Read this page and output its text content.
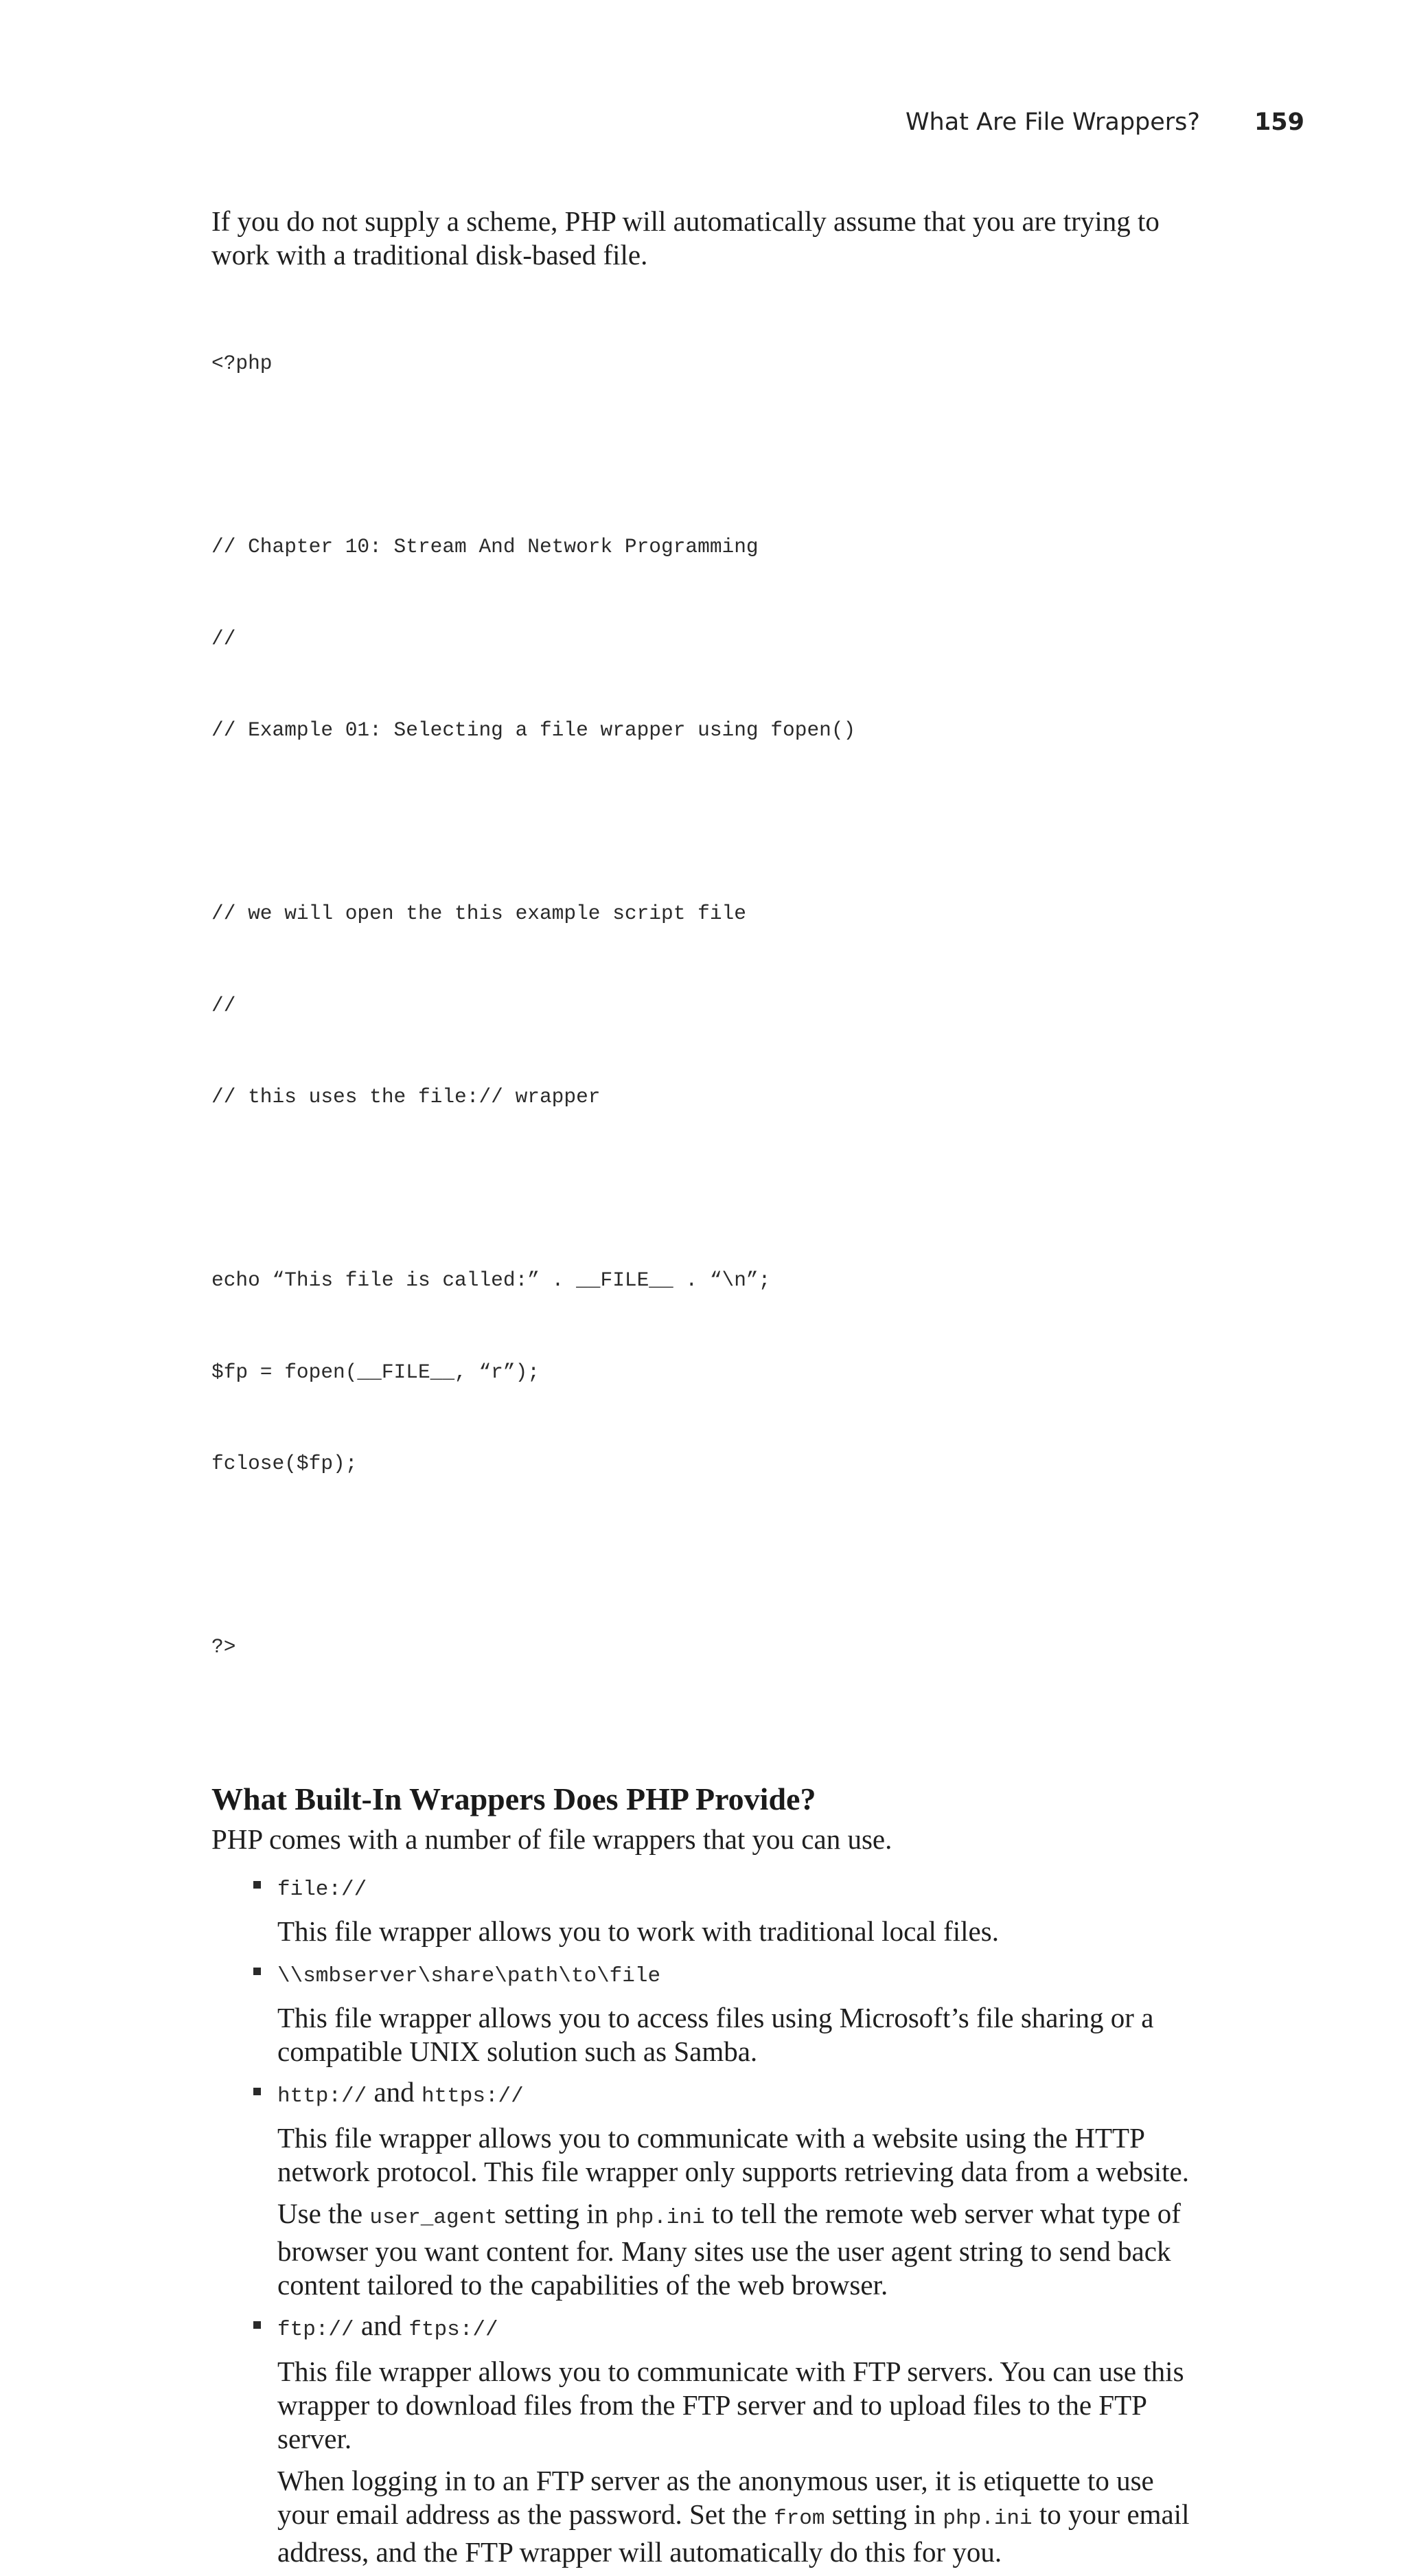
What Are File Wrappers? 159

If you do not supply a scheme, PHP will automatically assume that you are trying to work with a traditional disk-based file.

<?php

// Chapter 10: Stream And Network Programming

//

// Example 01: Selecting a file wrapper using fopen()

// we will open the this example script file

//

// this uses the file:// wrapper

echo “This file is called:” . __FILE__ . “\n”;

$fp = fopen(__FILE__, “r”);

fclose($fp);

?>

What Built-In Wrappers Does PHP Provide?

PHP comes with a number of file wrappers that you can use.

file://

This file wrapper allows you to work with traditional local files.

\\smbserver\share\path\to\file

This file wrapper allows you to access files using Microsoft’s file sharing or a compatible UNIX solution such as Samba.

http:// and https://

This file wrapper allows you to communicate with a website using the HTTP network protocol. This file wrapper only supports retrieving data from a website.

Use the user_agent setting in php.ini to tell the remote web server what type of browser you want content for. Many sites use the user agent string to send back content tailored to the capabilities of the web browser.

ftp:// and ftps://

This file wrapper allows you to communicate with FTP servers. You can use this wrapper to download files from the FTP server and to upload files to the FTP server.

When logging in to an FTP server as the anonymous user, it is etiquette to use your email address as the password. Set the from setting in php.ini to your email address, and the FTP wrapper will automatically do this for you.
